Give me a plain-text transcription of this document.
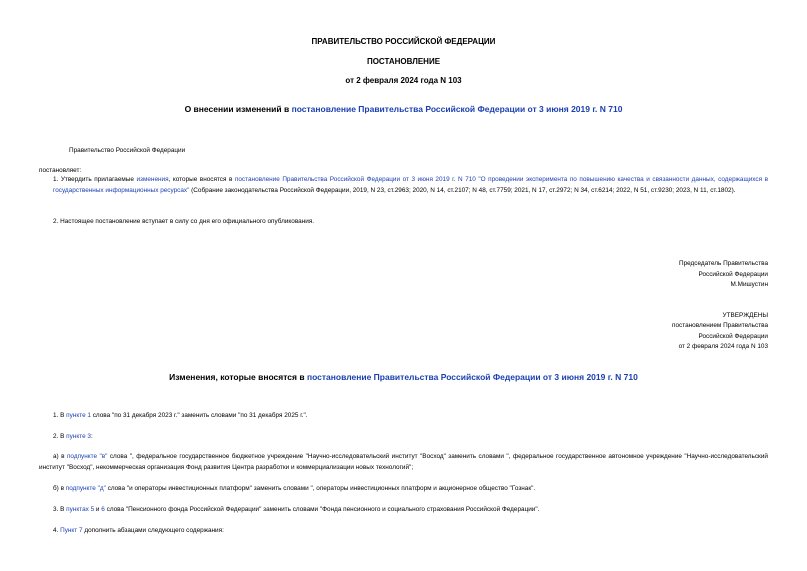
ПРАВИТЕЛЬСТВО РОССИЙСКОЙ ФЕДЕРАЦИИ
ПОСТАНОВЛЕНИЕ
от 2 февраля 2024 года N 103
О внесении изменений в постановление Правительства Российской Федерации от 3 июня 2019 г. N 710
Правительство Российской Федерации
постановляет:
1. Утвердить прилагаемые изменения, которые вносятся в постановление Правительства Российской Федерации от 3 июня 2019 г. N 710 "О проведении эксперимента по повышению качества и связанности данных, содержащихся в государственных информационных ресурсах" (Собрание законодательства Российской Федерации, 2019, N 23, ст.2963; 2020, N 14, ст.2107; N 48, ст.7759; 2021, N 17, ст.2972; N 34, ст.6214; 2022, N 51, ст.9230; 2023, N 11, ст.1802).
2. Настоящее постановление вступает в силу со дня его официального опубликования.
Председатель Правительства
Российской Федерации
М.Мишустин
УТВЕРЖДЕНЫ
постановлением Правительства
Российской Федерации
от 2 февраля 2024 года N 103
Изменения, которые вносятся в постановление Правительства Российской Федерации от 3 июня 2019 г. N 710
1. В пункте 1 слова "по 31 декабря 2023 г." заменить словами "по 31 декабря 2025 г.".
2. В пункте 3:
а) в подпункте "в" слова ", федеральное государственное бюджетное учреждение "Научно-исследовательский институт "Восход" заменить словами ", федеральное государственное автономное учреждение "Научно-исследовательский институт "Восход", некоммерческая организация Фонд развития Центра разработки и коммерциализации новых технологий";
б) в подпункте "д" слова "и операторы инвестиционных платформ" заменить словами ", операторы инвестиционных платформ и акционерное общество "Гознак".
3. В пунктах 5 и 6 слова "Пенсионного фонда Российской Федерации" заменить словами "Фонда пенсионного и социального страхования Российской Федерации".
4. Пункт 7 дополнить абзацами следующего содержания:
